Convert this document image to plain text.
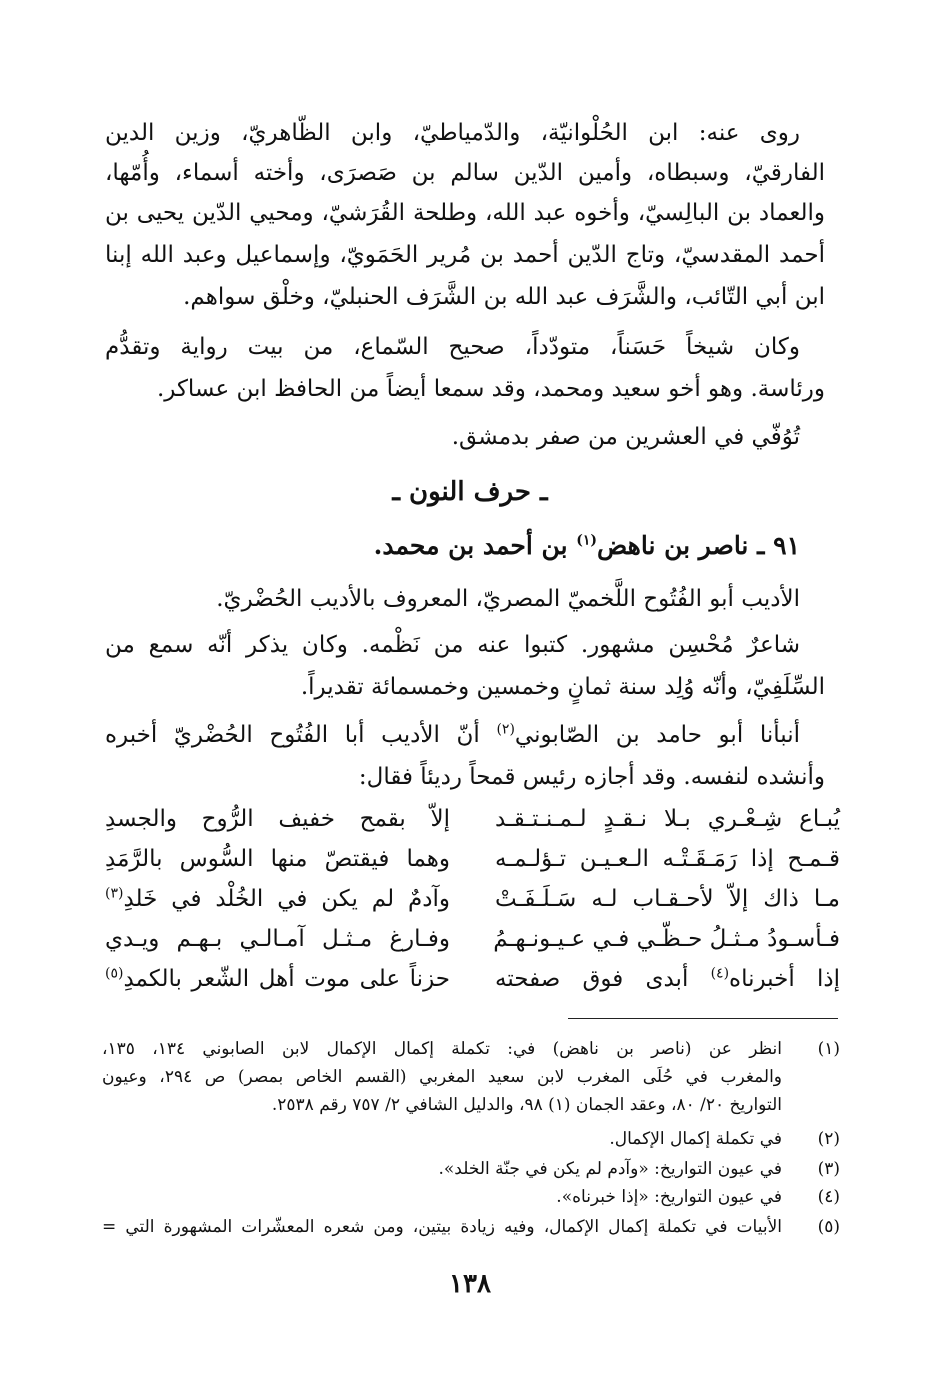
روى عنه: ابن الحُلْوانيّة، والدّمياطيّ، وابن الظّاهريّ، وزين الدين
الفارقيّ، وسبطاه، وأمين الدّين سالم بن صَصرَى، وأخته أسماء، وأُمّها،
والعماد بن البالِسيّ، وأخوه عبد الله، وطلحة القُرَشيّ، ومحيي الدّين يحيى بن
أحمد المقدسيّ، وتاج الدّين أحمد بن مُرير الحَمَويّ، وإسماعيل وعبد الله إبنا
ابن أبي التّائب، والشَّرَف عبد الله بن الشَّرَف الحنبليّ، وخلْق سواهم.
وكان شيخاً حَسَناً، متودّداً، صحيح السّماع، من بيت رواية وتقدُّم
ورئاسة. وهو أخو سعيد ومحمد، وقد سمعا أيضاً من الحافظ ابن عساكر.
تُوُفّي في العشرين من صفر بدمشق.
ـ حرف النون ـ
٩١ ـ ناصر بن ناهض$^{(١)}$ بن أحمد بن محمد.
الأديب أبو الفُتُوح اللَّخميّ المصريّ، المعروف بالأديب الحُضْريّ.
شاعرٌ مُحْسِن مشهور. كتبوا عنه من نَظْمه. وكان يذكر أنّه سمع من
السِّلَفِيّ، وأنّه وُلِد سنة ثمانٍ وخمسين وخمسمائة تقديراً.
أنبأنا أبو حامد بن الصّابوني$^{(٢)}$ أنّ الأديب أبا الفُتُوح الحُضْريّ أخبره
وأنشده لنفسه. وقد أجازه رئيس قمحاً رديئاً فقال:
يُبـاع شِـعْـري بـلا نـقـدٍ لـمـنـتـقـد
إلاّ بقمح خفيف الرُّوح والجسدِ
قـمـح إذا رَمَـقَـتْـه الـعـيـن تـؤلـمـه
وهما فيقتصّ منها السُّوس بالرَّمَدِ
مـا ذاك إلاّ لأحـقـاب لـه سَـلَـفَـتْ
وآدمٌ لم يكن في الخُلْد في خَلدِ$^{(٣)}$
فـأسـودُ مـثـلُ حـظّـي فـي عـيـونـهـمُ
وفـارغ مـثـل آمـالـي بـهـم ويـدي
إذا أخبرناه$^{(٤)}$ أبدى فوق صفحته
حزناً على موت أهل الشّعر بالكمدِ$^{(٥)}$
(١)
انظر عن (ناصر بن ناهض) في: تكملة إكمال الإكمال لابن الصابوني ١٣٤، ١٣٥،
والمغرب في حُلَى المغرب لابن سعيد المغربي (القسم الخاص بمصر) ص ٢٩٤، وعيون
التواريخ ٢٠/ ٨٠، وعقد الجمان (١) ٩٨، والدليل الشافي ٢/ ٧٥٧ رقم ٢٥٣٨.
(٢)
في تكملة إكمال الإكمال.
(٣)
في عيون التواريخ: «وآدم لم يكن في جنّة الخلد».
(٤)
في عيون التواريخ: «إذا خبرناه».
(٥)
الأبيات في تكملة إكمال الإكمال، وفيه زيادة بيتين، ومن شعره المعشّرات المشهورة التي =
١٣٨
